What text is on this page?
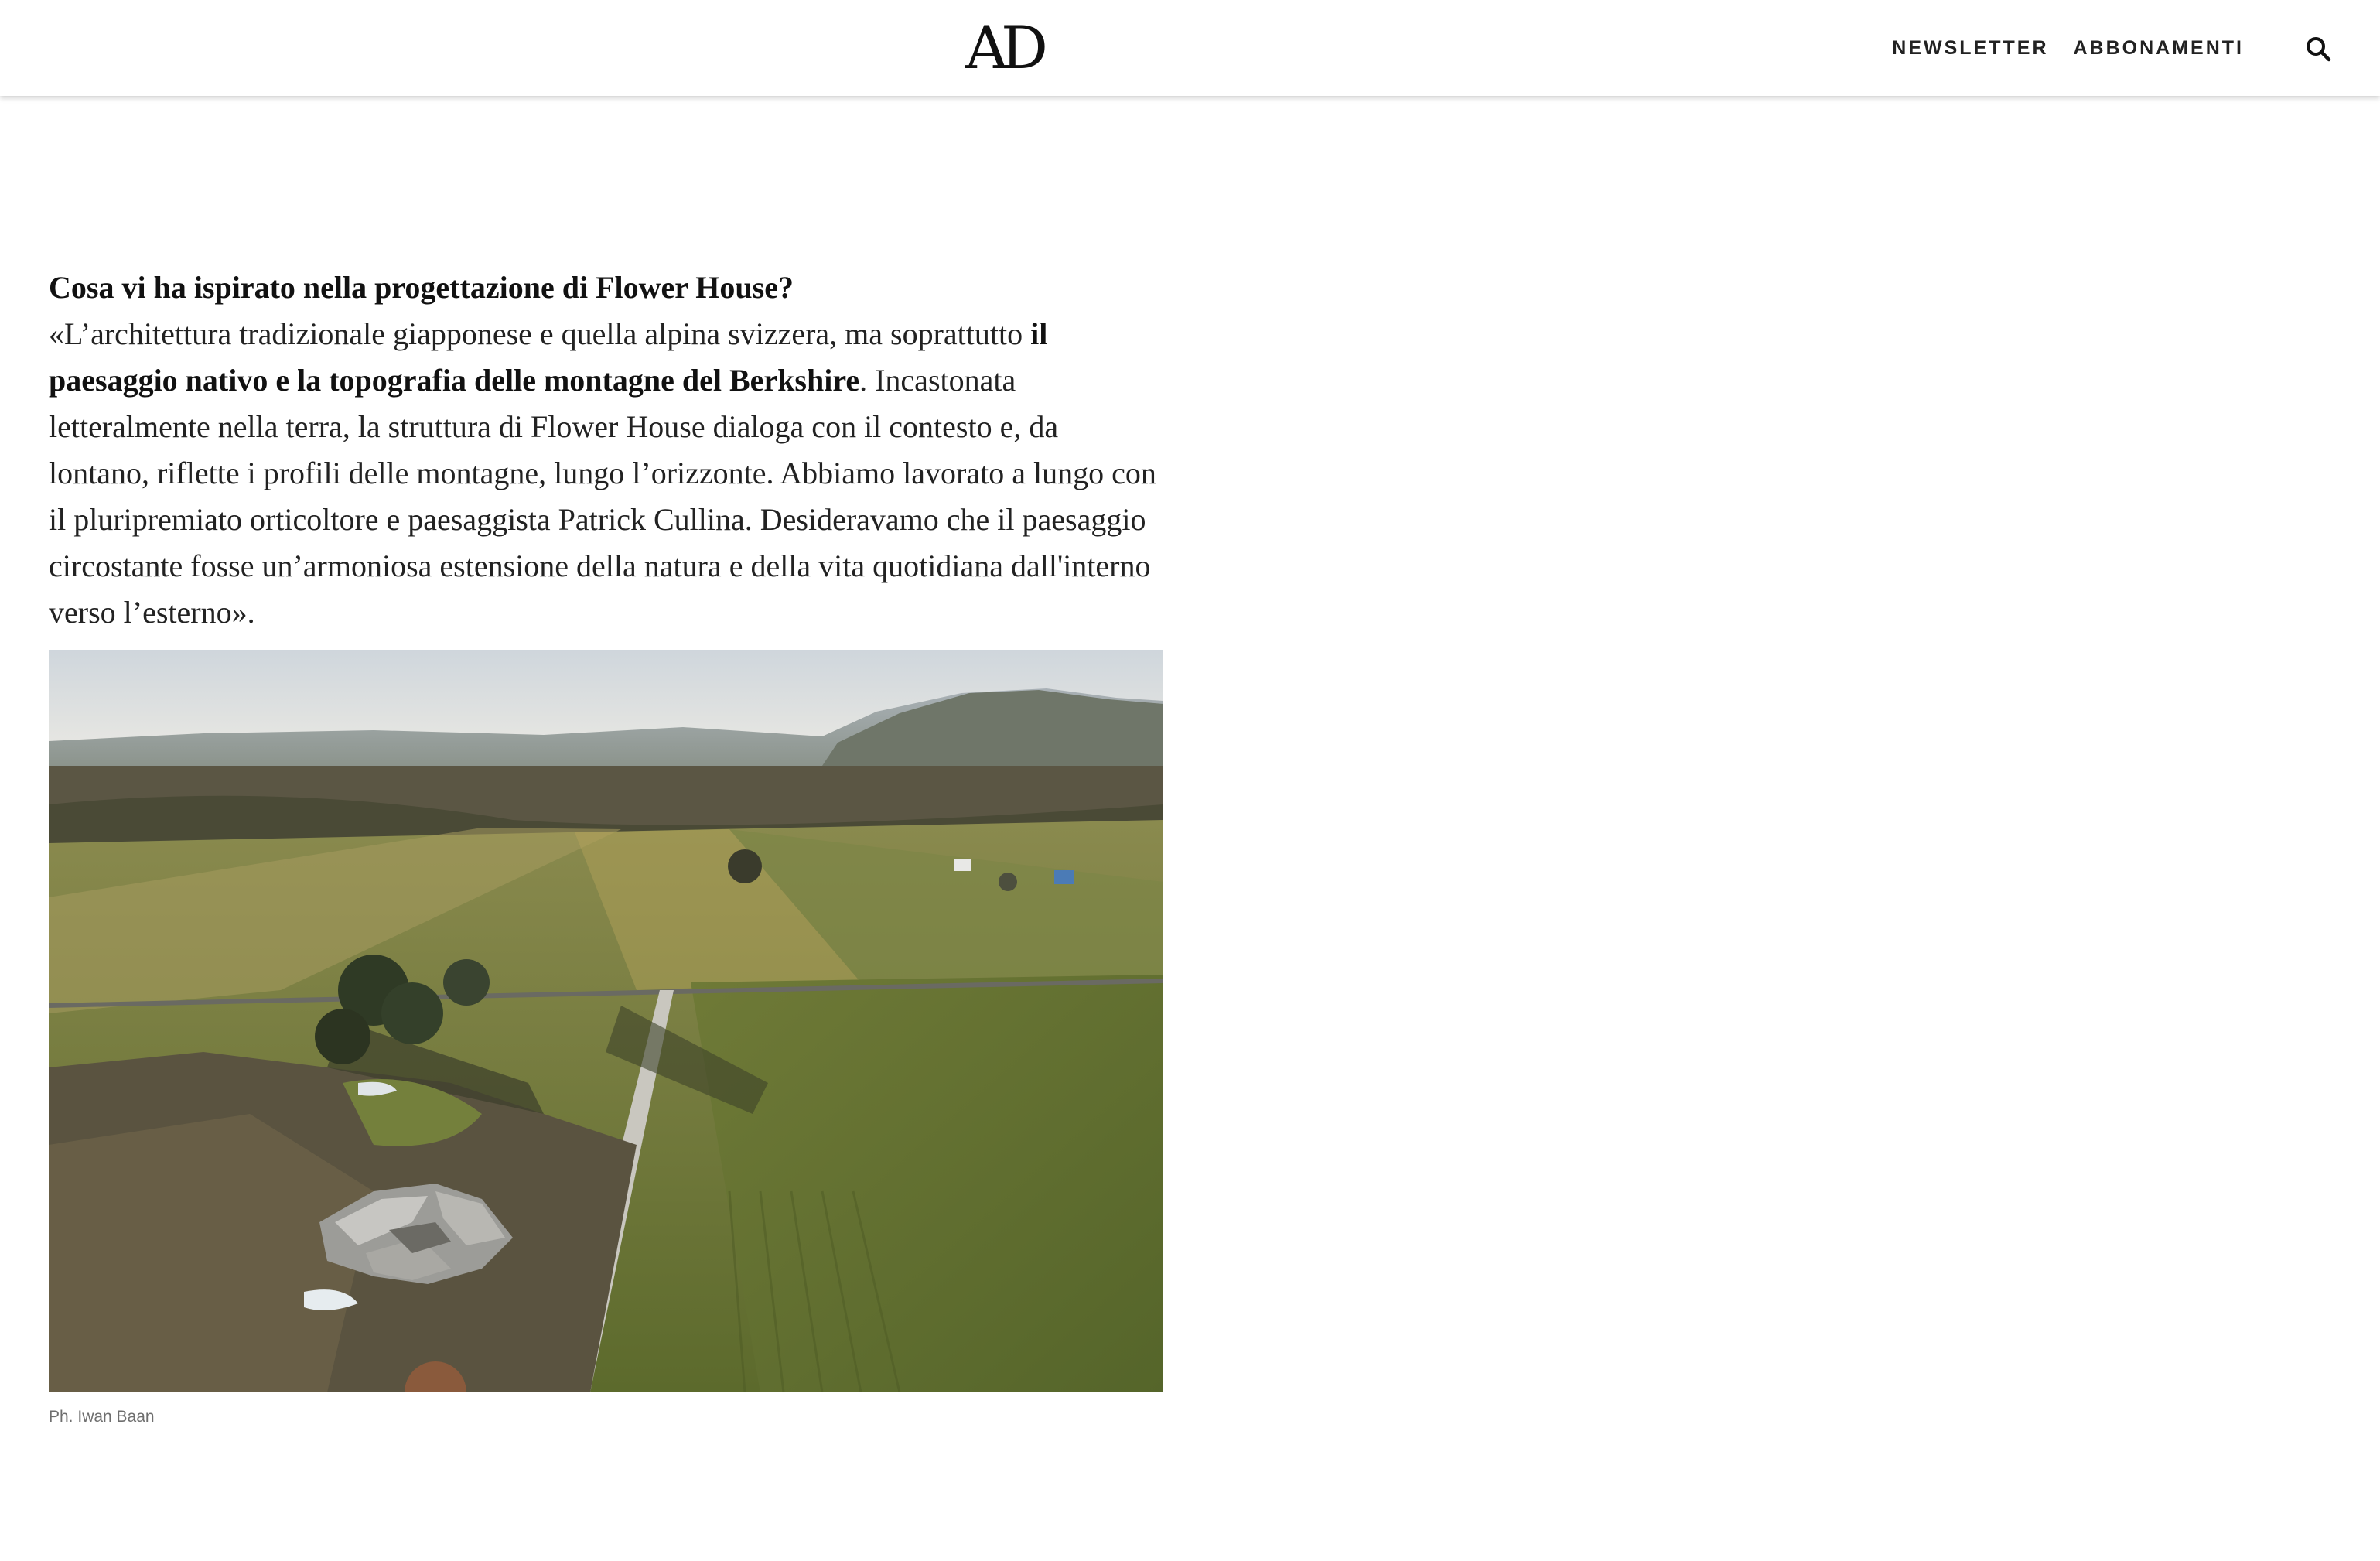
AD	NEWSLETTER ABBONAMENTI

Cosa vi ha ispirato nella progettazione di Flower House?
«L’architettura tradizionale giapponese e quella alpina svizzera, ma soprattutto il paesaggio nativo e la topografia delle montagne del Berkshire. Incastonata letteralmente nella terra, la struttura di Flower House dialoga con il contesto e, da lontano, riflette i profili delle montagne, lungo l’orizzonte. Abbiamo lavorato a lungo con il pluripremiato orticoltore e paesaggista Patrick Cullina. Desideravamo che il paesaggio circostante fosse un’armoniosa estensione della natura e della vita quotidiana dall'interno verso l’esterno».

Ph. Iwan Baan
